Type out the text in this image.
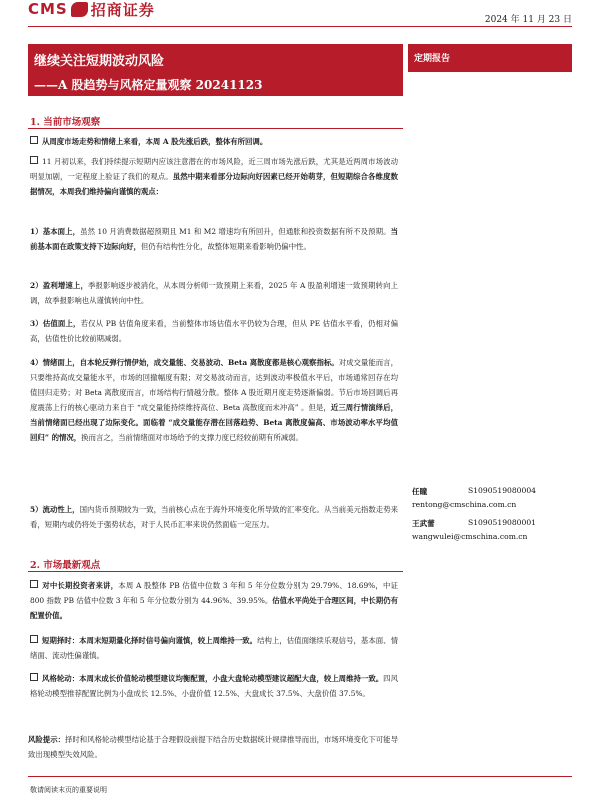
CMS 招商证券
2024 年 11 月 23 日
继续关注短期波动风险
——A 股趋势与风格定量观察 20241123
定期报告
1. 当前市场观察
从周度市场走势和情绪上来看，本周 A 股先涨后跌，整体有所回调。
11 月初以来，我们持续提示短期内应该注意潜在的市场风险，近三周市场先涨后跌，尤其是近两周市场波动明显加剧，一定程度上验证了我们的观点。虽然中期来看部分边际向好因素已经开始萌芽，但短期综合各维度数据情况，本周我们维持偏向谨慎的观点：
1）基本面上，虽然 10 月消费数据超预期且 M1 和 M2 增速均有所回升，但通胀和投资数据有所不及预期。当前基本面在政策支持下边际向好，但仍有结构性分化，故整体短期来看影响仍偏中性。
2）盈利增速上，季报影响逐步被消化，从本周分析师一致预期上来看，2025 年 A 股盈利增速一致预期转向上调，故季报影响也从谨慎转向中性。
3）估值面上，若仅从 PB 估值角度来看，当前整体市场估值水平仍较为合理，但从 PE 估值水平看，仍相对偏高，估值性价比较前期减弱。
4）情绪面上，自本轮反弹行情伊始，成交量能、交易波动、Beta 离散度都是核心观察指标。对成交量能而言，只要维持高成交量能水平，市场的回撤幅度有限；对交易波动而言，达到波动率极值水平后，市场通常回存在均值回归走势；对 Beta 离散度而言，市场结构行情越分散。整体 A 股近期月度走势逐渐偏弱。节后市场回调后再度震荡上行的核心驱动力来自于 “成交量能持续维持高位、Beta 高散度而未冲高” 。但是，近三周行情演绎后，当前情绪面已经出现了边际变化。面临着 “成交量能存潜在回落趋势、Beta 离散度偏高、市场波动率水平均值回归” 的情况，换而言之，当前情绪面对市场给予的支撑力度已经较前期有所减弱。
5）流动性上，国内货币预期较为一致，当前核心点在于海外环境变化所导致的汇率变化。从当前美元指数走势来看，短期内或仍将处于强势状态，对于人民币汇率来说仍然面临一定压力。
2. 市场最新观点
对中长期投资者来讲，本周 A 股整体 PB 估值中位数 3 年和 5 年分位数分别为 29.79%、18.69%，中证 800 指数 PB 估值中位数 3 年和 5 年分位数分别为 44.96%、39.95%。估值水平尚处于合理区间，中长期仍有配置价值。
短期择时：本周末短期量化择时信号偏向谨慎，较上周维持一致。结构上，估值面继续乐观信号，基本面、情绪面、流动性偏谨慎。
风格轮动：本周末成长价值轮动模型建议均衡配置，小盘大盘轮动模型建议超配大盘，较上周维持一致。四风格轮动模型推荐配置比例为小盘成长 12.5%、小盘价值 12.5%、大盘成长 37.5%、大盘价值 37.5%。
风险提示：择时和风格轮动模型结论基于合理假设前提下结合历史数据统计规律推导而出，市场环境变化下可能导致出现模型失效风险。
任瞳	S1090519080004
rentong@cmschina.com.cn
王武蕾	S1090519080001
wangwulei@cmschina.com.cn
敬请阅读末页的重要说明
